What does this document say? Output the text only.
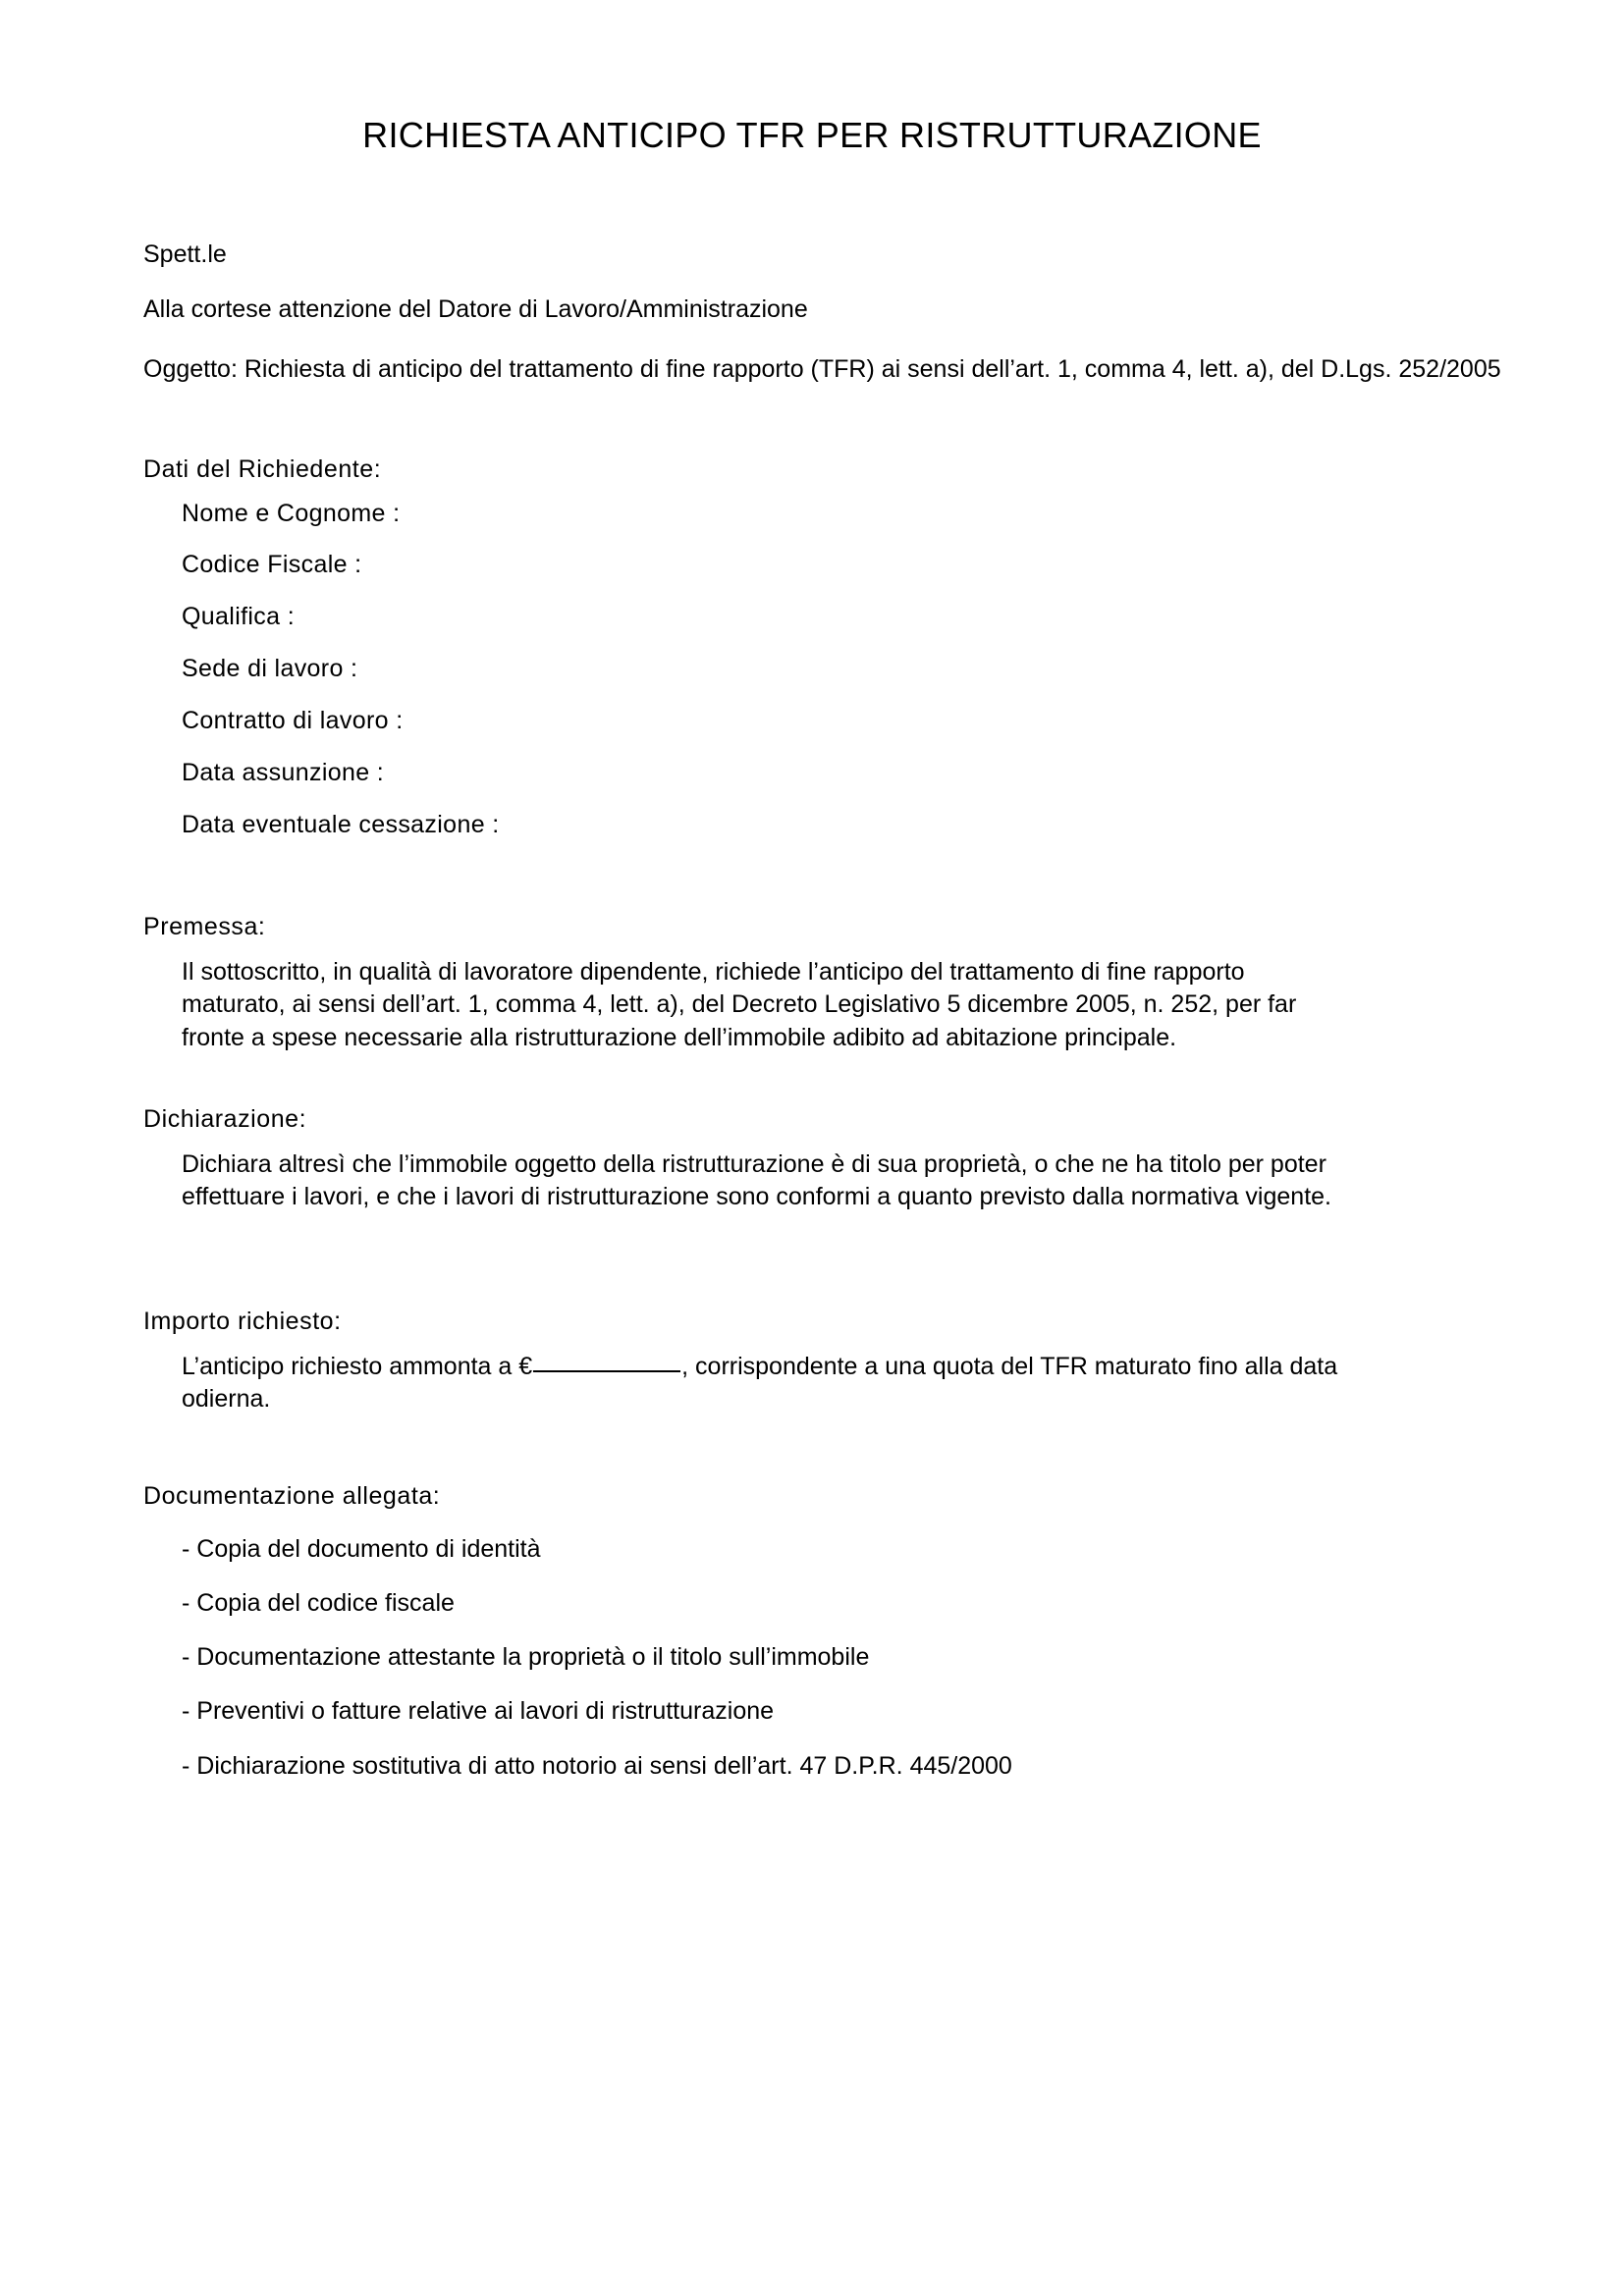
RICHIESTA ANTICIPO TFR PER RISTRUTTURAZIONE
Spett.le
Alla cortese attenzione del Datore di Lavoro/Amministrazione
Oggetto: Richiesta di anticipo del trattamento di fine rapporto (TFR) ai sensi dell’art. 1, comma 4, lett. a), del D.Lgs. 252/2005
Dati del Richiedente:
Nome e Cognome :
Codice Fiscale :
Qualifica :
Sede di lavoro :
Contratto di lavoro :
Data assunzione :
Data eventuale cessazione :
Premessa:
Il sottoscritto, in qualità di lavoratore dipendente, richiede l’anticipo del trattamento di fine rapporto maturato, ai sensi dell’art. 1, comma 4, lett. a), del Decreto Legislativo 5 dicembre 2005, n. 252, per far fronte a spese necessarie alla ristrutturazione dell’immobile adibito ad abitazione principale.
Dichiarazione:
Dichiara altresì che l’immobile oggetto della ristrutturazione è di sua proprietà, o che ne ha titolo per poter effettuare i lavori, e che i lavori di ristrutturazione sono conformi a quanto previsto dalla normativa vigente.
Importo richiesto:
L’anticipo richiesto ammonta a €	, corrispondente a una quota del TFR maturato fino alla data odierna.
Documentazione allegata:
- Copia del documento di identità
- Copia del codice fiscale
- Documentazione attestante la proprietà o il titolo sull’immobile
- Preventivi o fatture relative ai lavori di ristrutturazione
- Dichiarazione sostitutiva di atto notorio ai sensi dell’art. 47 D.P.R. 445/2000
